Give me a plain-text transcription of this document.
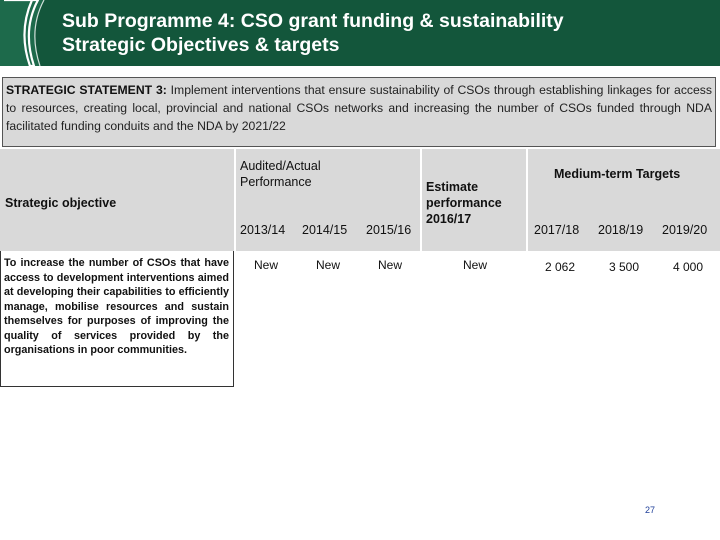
Sub Programme 4: CSO grant funding & sustainability
Strategic Objectives & targets
STRATEGIC STATEMENT 3: Implement interventions that ensure sustainability of CSOs through establishing linkages for access to resources, creating local, provincial and national CSOs networks and increasing the number of CSOs funded through NDA facilitated funding conduits and the NDA by 2021/22
Strategic objective
Audited/Actual Performance
2013/14 2014/15 2015/16
Estimate performance 2016/17
Medium-term Targets
2017/18 2018/19 2019/20
To increase the number of CSOs that have access to development interventions aimed at developing their capabilities to efficiently manage, mobilise resources and sustain themselves for purposes of improving the quality of services provided by the organisations in poor communities.
New	New	New	New	2 062	3 500	4 000
27
